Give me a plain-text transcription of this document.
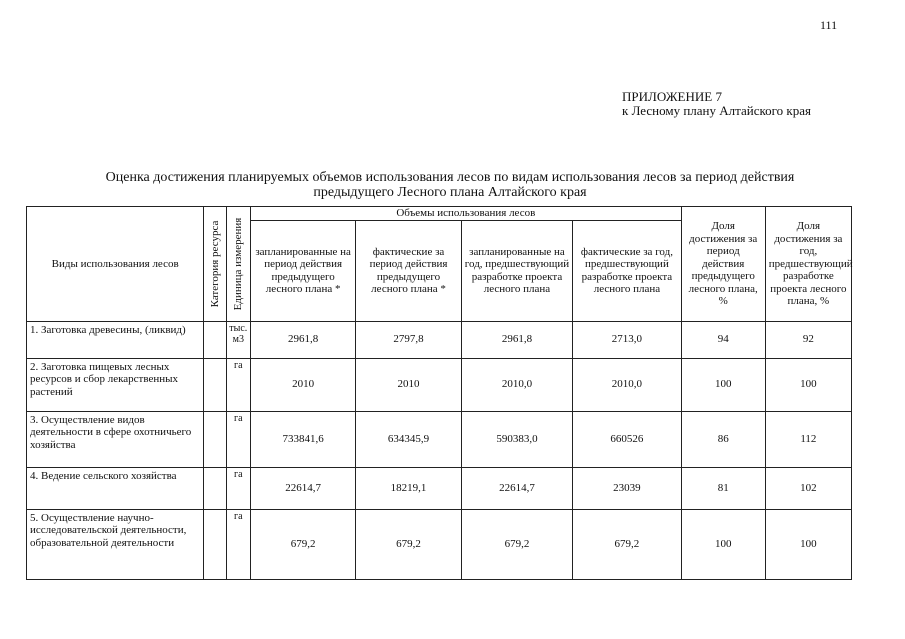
111
ПРИЛОЖЕНИЕ 7
к Лесному плану Алтайского края
Оценка достижения планируемых объемов использования лесов по видам использования лесов за период действия
предыдущего Лесного плана Алтайского края
Виды использования лесов	Категория ресурса	Единица измерения	Объемы использования лесов				Доля достижения за период действия предыдущего лесного плана, %	Доля достижения за год, предшествующий разработке проекта лесного плана, %
			запланированные на период действия предыдущего лесного плана *	фактические за период действия предыдущего лесного плана *	запланированные на год, предшествующий разработке проекта лесного плана	фактические за год, предшествующий разработке проекта лесного плана		
1. Заготовка древесины, (ликвид)		тыс. м3	2961,8	2797,8	2961,8	2713,0	94	92
2. Заготовка пищевых лесных ресурсов и сбор лекарственных растений		га	2010	2010	2010,0	2010,0	100	100
3. Осуществление видов деятельности в сфере охотничьего хозяйства		га	733841,6	634345,9	590383,0	660526	86	112
4. Ведение сельского хозяйства		га	22614,7	18219,1	22614,7	23039	81	102
5. Осуществление научно-исследовательской деятельности, образовательной деятельности		га	679,2	679,2	679,2	679,2	100	100
